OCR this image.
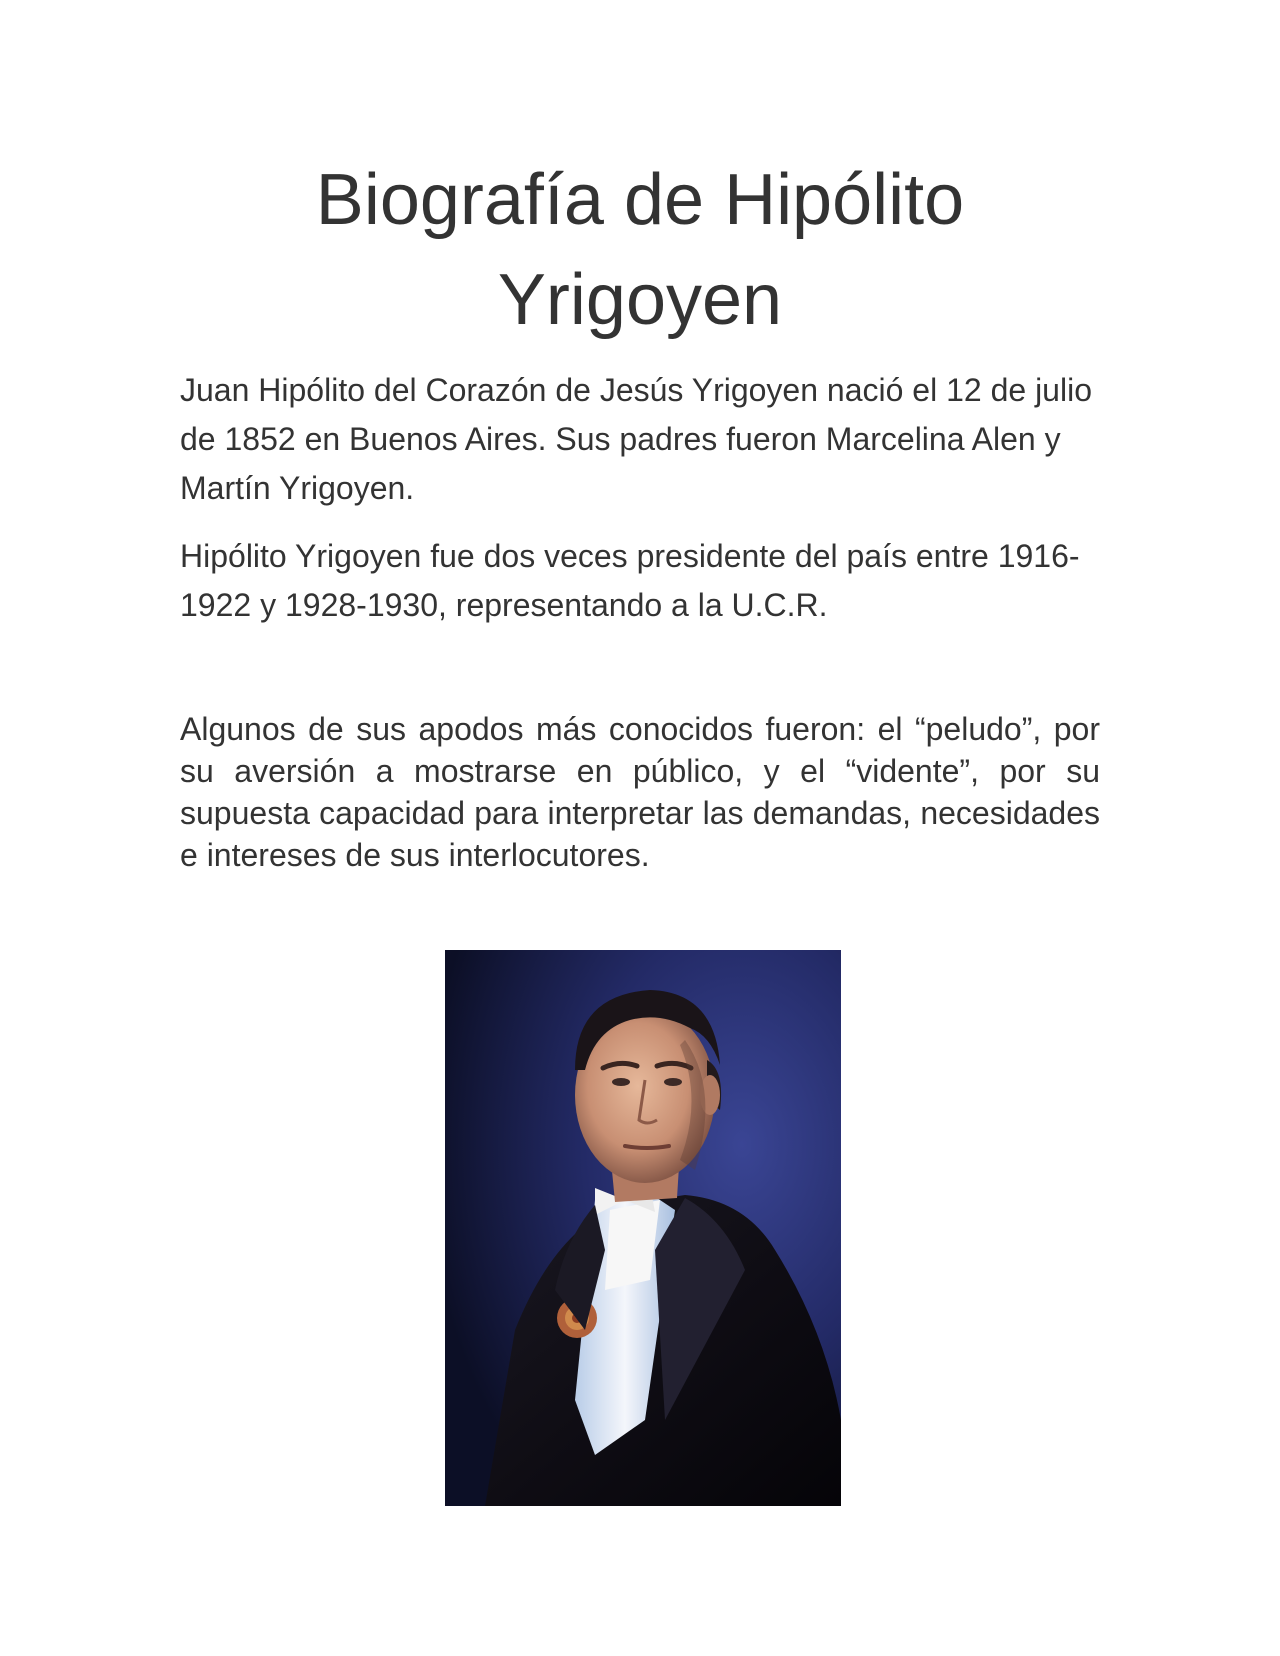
Biografía de Hipólito Yrigoyen

Juan Hipólito del Corazón de Jesús Yrigoyen nació el 12 de julio de 1852 en Buenos Aires. Sus padres fueron Marcelina Alen y Martín Yrigoyen.

Hipólito Yrigoyen fue dos veces presidente del país entre 1916-1922 y 1928-1930, representando a la U.C.R.

Algunos de sus apodos más conocidos fueron: el “peludo”, por su aversión a mostrarse en público, y el “vidente”, por su supuesta capacidad para interpretar las demandas, necesidades e intereses de sus interlocutores.
